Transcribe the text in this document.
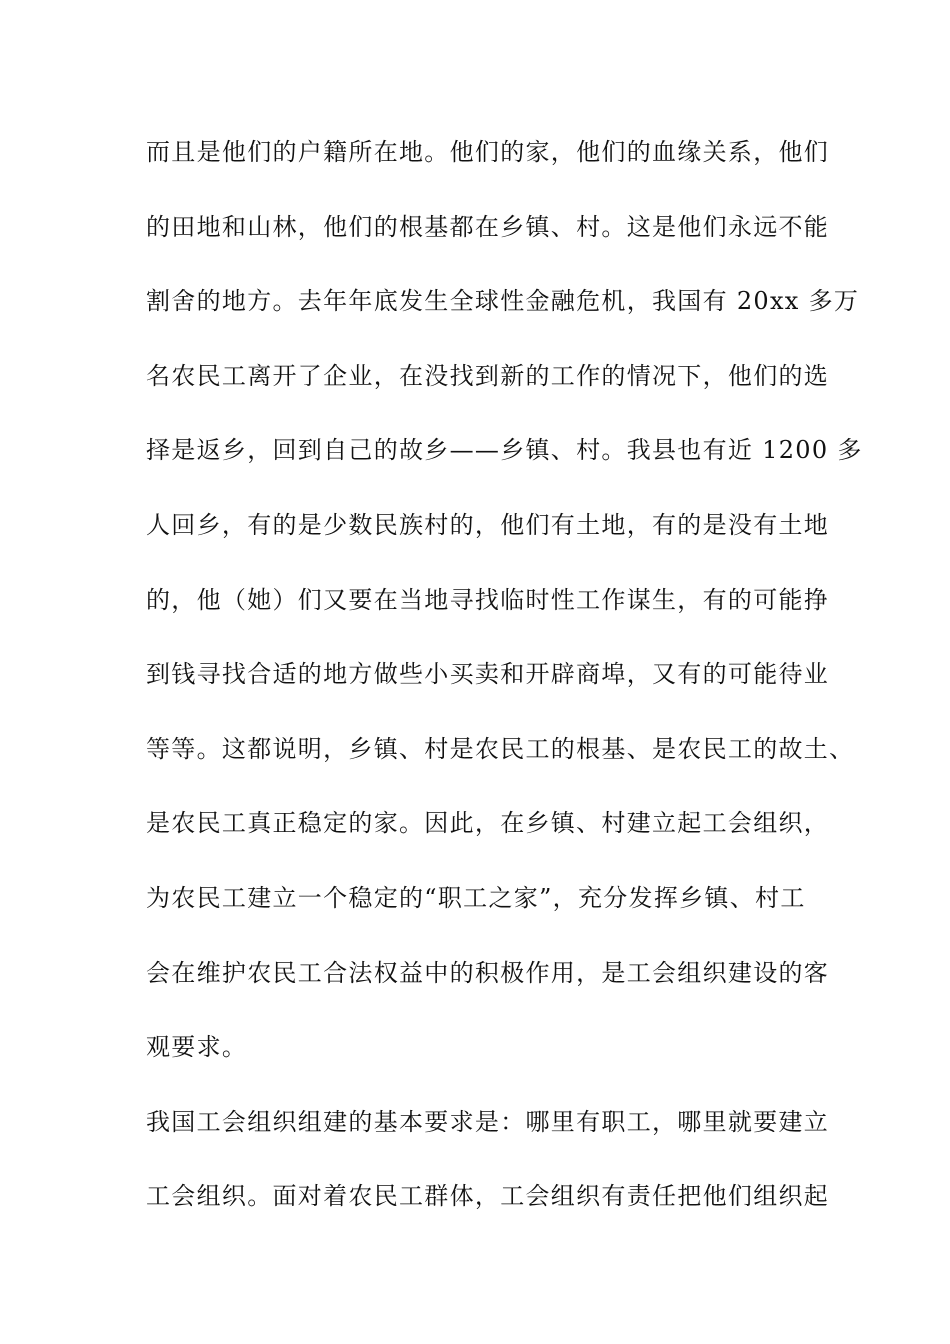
而且是他们的户籍所在地。他们的家，他们的血缘关系，他们
的田地和山林，他们的根基都在乡镇、村。这是他们永远不能
割舍的地方。去年年底发生全球性金融危机，我国有 20xx 多万
名农民工离开了企业，在没找到新的工作的情况下，他们的选
择是返乡，回到自己的故乡——乡镇、村。我县也有近 1200 多
人回乡，有的是少数民族村的，他们有土地，有的是没有土地
的，他（她）们又要在当地寻找临时性工作谋生，有的可能挣
到钱寻找合适的地方做些小买卖和开辟商埠，又有的可能待业
等等。这都说明，乡镇、村是农民工的根基、是农民工的故土、
是农民工真正稳定的家。因此，在乡镇、村建立起工会组织，
为农民工建立一个稳定的“职工之家”，充分发挥乡镇、村工
会在维护农民工合法权益中的积极作用，是工会组织建设的客
观要求。
我国工会组织组建的基本要求是：哪里有职工，哪里就要建立
工会组织。面对着农民工群体，工会组织有责任把他们组织起
